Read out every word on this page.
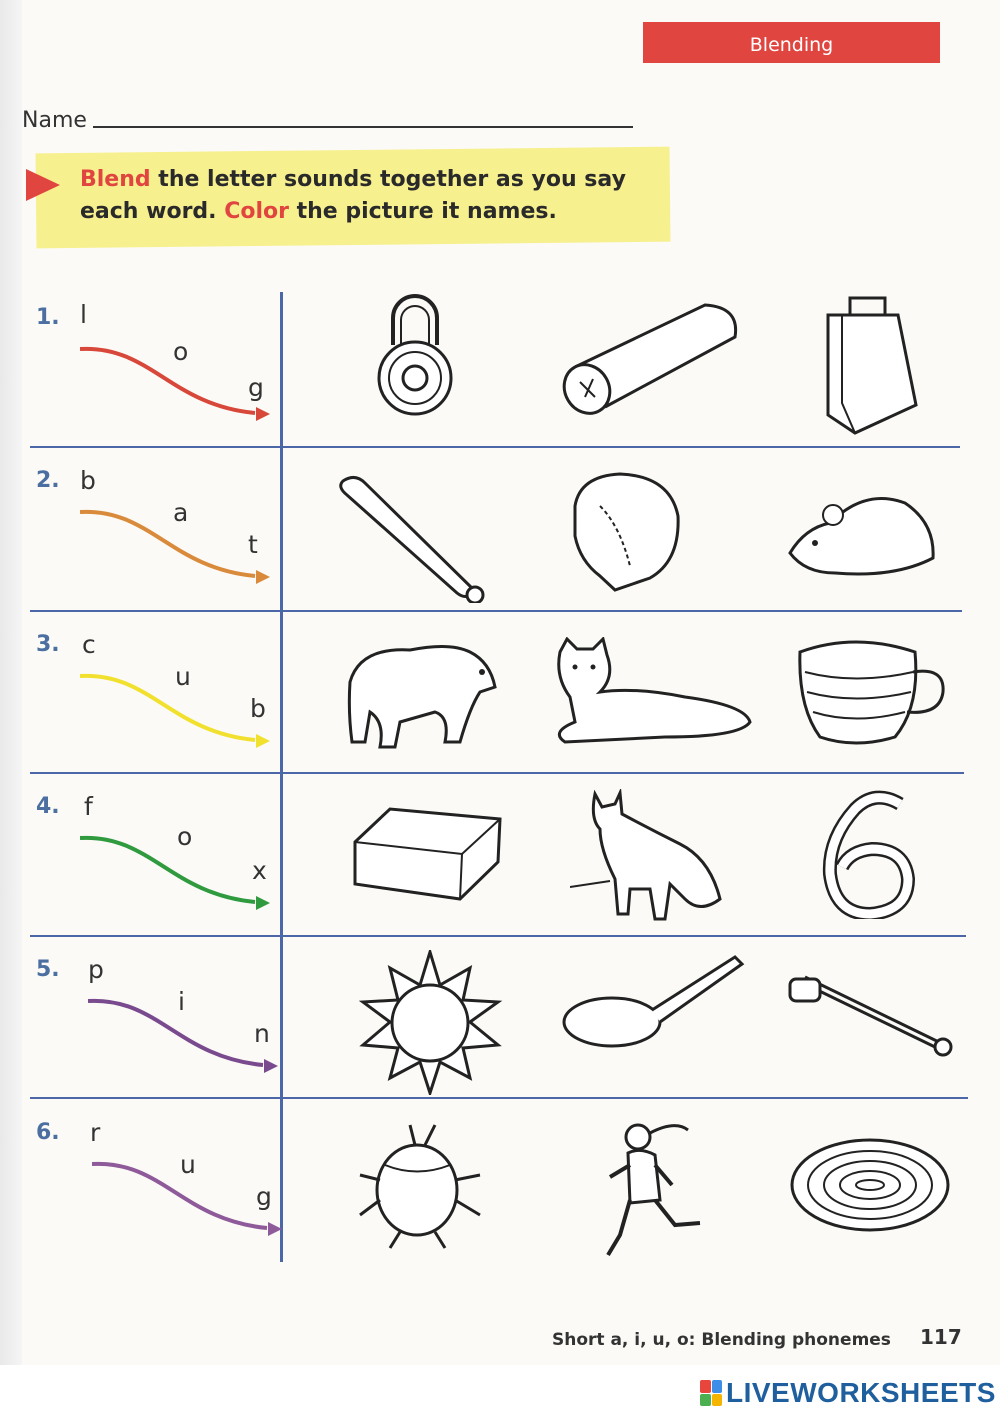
Blending
Name
Blend the letter sounds together as you say
each word. Color the picture it names.
1. l
o
g
2. b
a
t
3. c
u
b
4. f
o
x
5. p
i
n
6. r
u
g
Short a, i, u, o: Blending phonemes 117
LIVEWORKSHEETS
